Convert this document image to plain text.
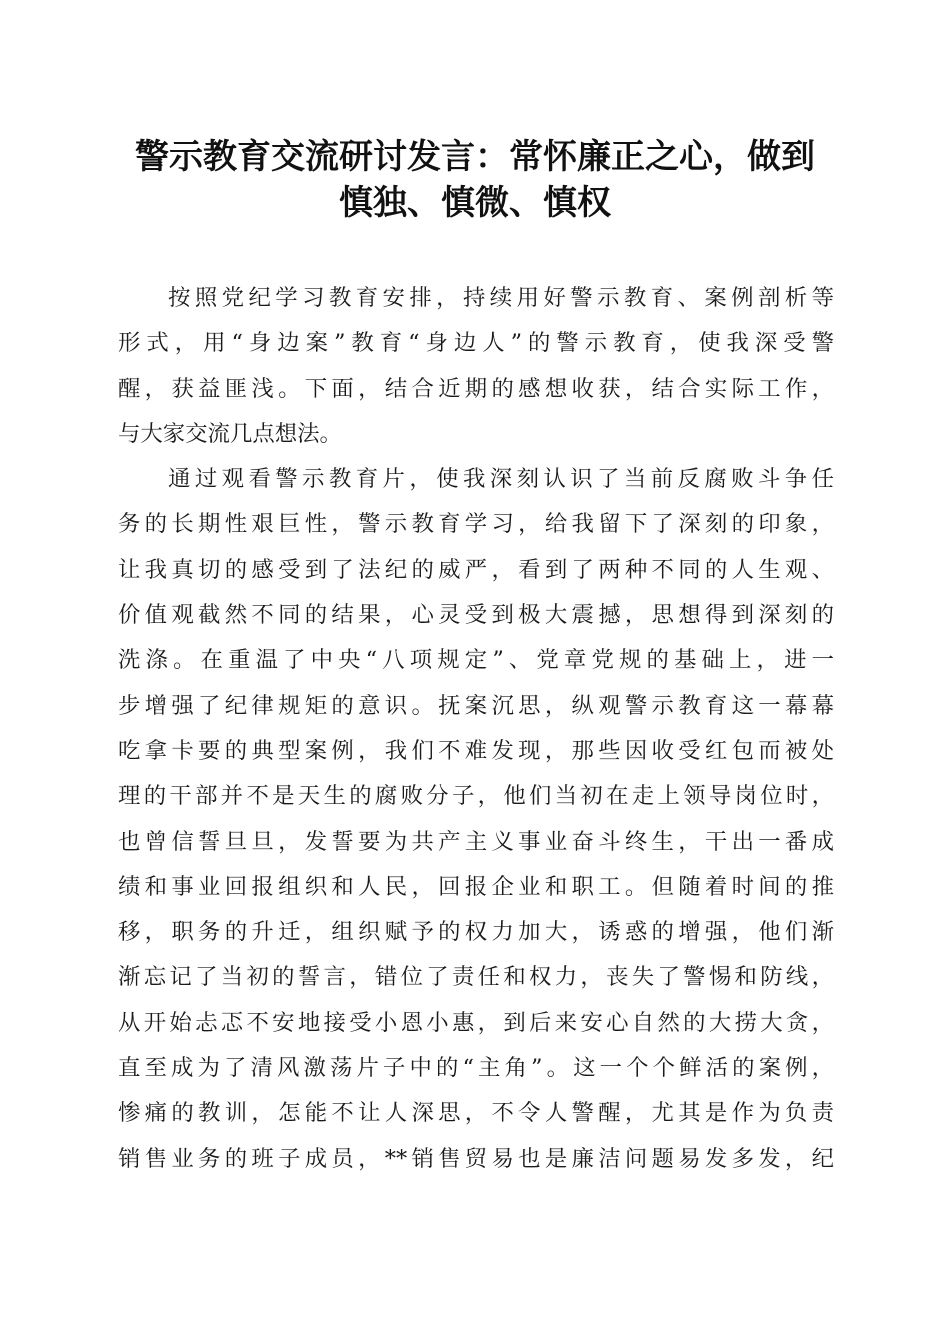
警示教育交流研讨发言：常怀廉正之心，做到
慎独、慎微、慎权

按照党纪学习教育安排，持续用好警示教育、案例剖析等
形式，用“身边案”教育“身边人”的警示教育，使我深受警
醒，获益匪浅。下面，结合近期的感想收获，结合实际工作，
与大家交流几点想法。

通过观看警示教育片，使我深刻认识了当前反腐败斗争任
务的长期性艰巨性，警示教育学习，给我留下了深刻的印象，
让我真切的感受到了法纪的威严，看到了两种不同的人生观、
价值观截然不同的结果，心灵受到极大震撼，思想得到深刻的
洗涤。在重温了中央“八项规定”、党章党规的基础上，进一
步增强了纪律规矩的意识。抚案沉思，纵观警示教育这一幕幕
吃拿卡要的典型案例，我们不难发现，那些因收受红包而被处
理的干部并不是天生的腐败分子，他们当初在走上领导岗位时，
也曾信誓旦旦，发誓要为共产主义事业奋斗终生，干出一番成
绩和事业回报组织和人民，回报企业和职工。但随着时间的推
移，职务的升迁，组织赋予的权力加大，诱惑的增强，他们渐
渐忘记了当初的誓言，错位了责任和权力，丧失了警惕和防线，
从开始忐忑不安地接受小恩小惠，到后来安心自然的大捞大贪，
直至成为了清风激荡片子中的“主角”。这一个个鲜活的案例，
惨痛的教训，怎能不让人深思，不令人警醒，尤其是作为负责
销售业务的班子成员，**销售贸易也是廉洁问题易发多发，纪
